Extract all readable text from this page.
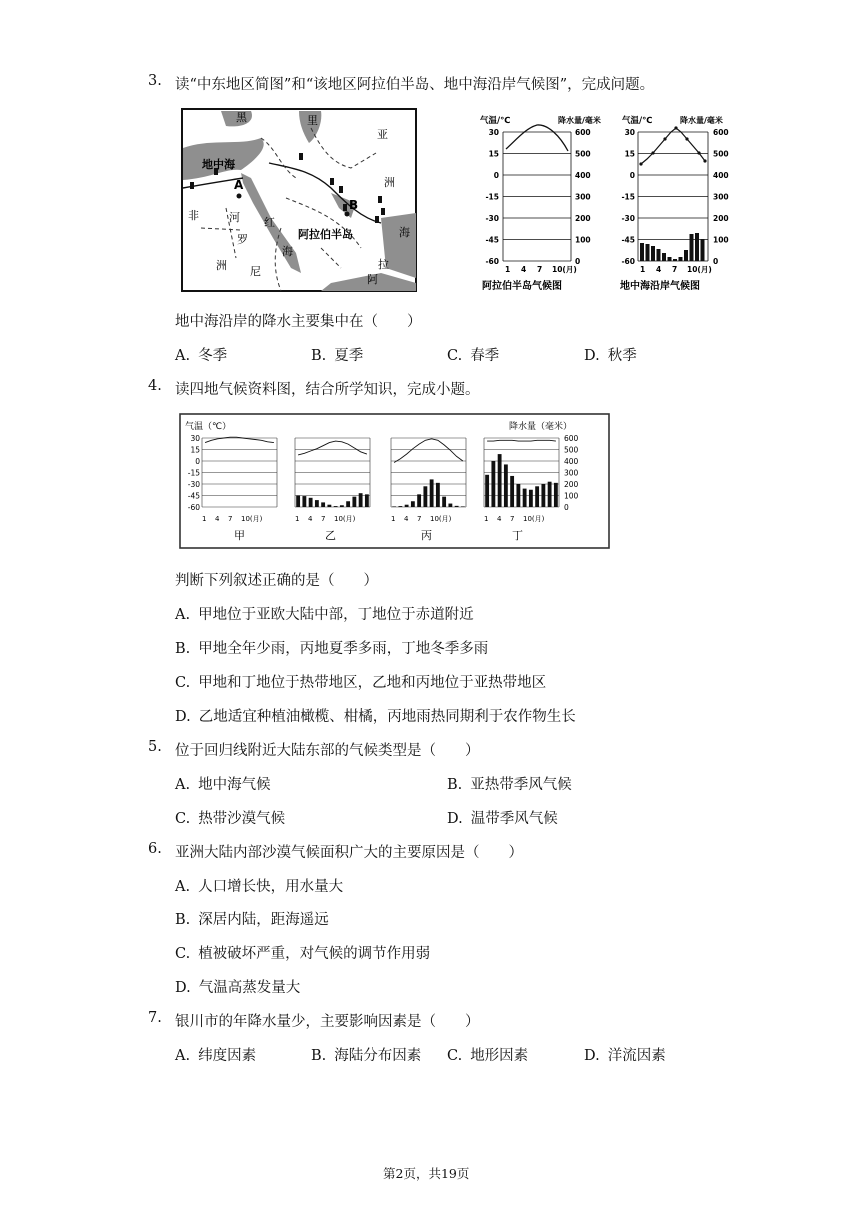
3. 读“中东地区简图”和“该地区阿拉伯半岛、地中海沿岸气候图”，完成问题。
黑	里
亚
地中海
洲
A
B
非	河
罗
红
阿拉伯半岛
海
洲 尼
拉
阿
海
气温/℃	降水量/毫米
30
15
0
-15
-30
-45
-60
600
500
400
300
200
100
0
1 4 7 10(月)
阿拉伯半岛气候图
气温/℃	降水量/毫米
30
15
0
-15
-30
-45
-60
600
500
400
300
200
100
0
1 4 7 10(月)
地中海沿岸气候图
地中海沿岸的降水主要集中在（　　）
A. 冬季	B. 夏季	C. 春季	D. 秋季
4. 读四地气候资料图，结合所学知识，完成小题。
气温（℃）	降水量（毫米）
30
15
0
-15
-30
-45
-60
600
500
400
300
200
100
0
1 4 7 10(月)	1 4 7 10(月)	1 4 7 10(月)	1 4 7 10(月)
甲	乙	丙	丁
判断下列叙述正确的是（　　）
A. 甲地位于亚欧大陆中部，丁地位于赤道附近
B. 甲地全年少雨，丙地夏季多雨，丁地冬季多雨
C. 甲地和丁地位于热带地区，乙地和丙地位于亚热带地区
D. 乙地适宜种植油橄榄、柑橘，丙地雨热同期利于农作物生长
5. 位于回归线附近大陆东部的气候类型是（　　）
A. 地中海气候	B. 亚热带季风气候
C. 热带沙漠气候	D. 温带季风气候
6. 亚洲大陆内部沙漠气候面积广大的主要原因是（　　）
A. 人口增长快，用水量大
B. 深居内陆，距海遥远
C. 植被破坏严重，对气候的调节作用弱
D. 气温高蒸发量大
7. 银川市的年降水量少，主要影响因素是（　　）
A. 纬度因素	B. 海陆分布因素 C. 地形因素	D. 洋流因素
第2页，共19页
